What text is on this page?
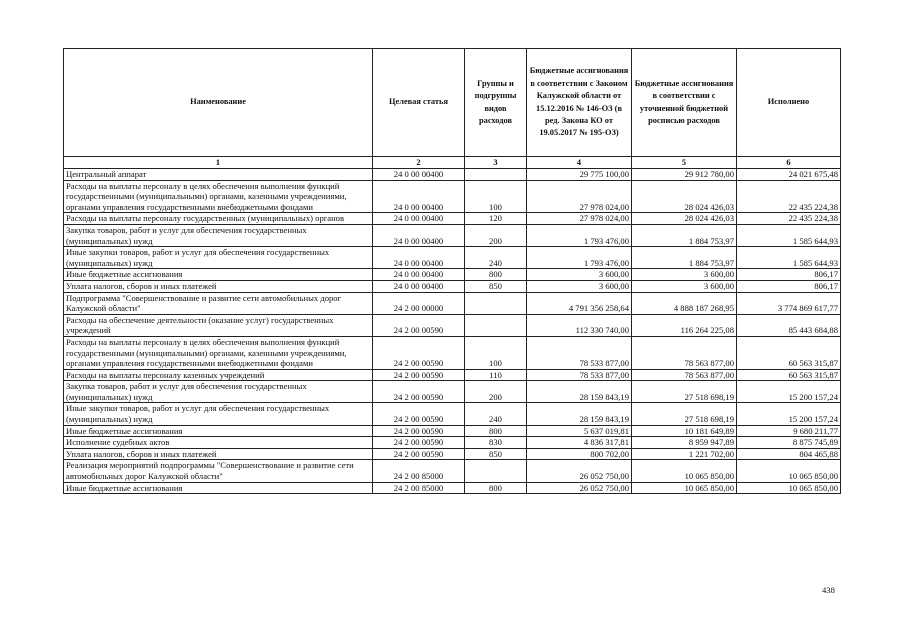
Наименование	Целевая статья	Группы и подгруппы видов расходов	Бюджетные ассигнования в соответствии с Законом Калужской области от 15.12.2016 № 146-ОЗ (в ред. Закона КО от 19.05.2017 № 195-ОЗ)	Бюджетные ассигнования в соответствии с уточненной бюджетной росписью расходов	Исполнено
1	2	3	4	5	6
Центральный аппарат	24 0 00 00400		29 775 100,00	29 912 780,00	24 021 675,48
Расходы на выплаты персоналу в целях обеспечения выполнения функций государственными (муниципальными) органами, казенными учреждениями, органами управления государственными внебюджетными фондами	24 0 00 00400	100	27 978 024,00	28 024 426,03	22 435 224,38
Расходы на выплаты персоналу государственных (муниципальных) органов	24 0 00 00400	120	27 978 024,00	28 024 426,03	22 435 224,38
Закупка товаров, работ и услуг для обеспечения государственных (муниципальных) нужд	24 0 00 00400	200	1 793 476,00	1 884 753,97	1 585 644,93
Иные закупки товаров, работ и услуг для обеспечения государственных (муниципальных) нужд	24 0 00 00400	240	1 793 476,00	1 884 753,97	1 585 644,93
Иные бюджетные ассигнования	24 0 00 00400	800	3 600,00	3 600,00	806,17
Уплата налогов, сборов и иных платежей	24 0 00 00400	850	3 600,00	3 600,00	806,17
Подпрограмма "Совершенствование и развитие сети автомобильных дорог Калужской области"	24 2 00 00000		4 791 356 258,64	4 888 187 268,95	3 774 869 617,77
Расходы на обеспечение деятельности (оказание услуг) государственных учреждений	24 2 00 00590		112 330 740,00	116 264 225,08	85 443 684,88
Расходы на выплаты персоналу в целях обеспечения выполнения функций государственными (муниципальными) органами, казенными учреждениями, органами управления государственными внебюджетными фондами	24 2 00 00590	100	78 533 877,00	78 563 877,00	60 563 315,87
Расходы на выплаты персоналу казенных учреждений	24 2 00 00590	110	78 533 877,00	78 563 877,00	60 563 315,87
Закупка товаров, работ и услуг для обеспечения государственных (муниципальных) нужд	24 2 00 00590	200	28 159 843,19	27 518 698,19	15 200 157,24
Иные закупки товаров, работ и услуг для обеспечения государственных (муниципальных) нужд	24 2 00 00590	240	28 159 843,19	27 518 698,19	15 200 157,24
Иные бюджетные ассигнования	24 2 00 00590	800	5 637 019,81	10 181 649,89	9 680 211,77
Исполнение судебных актов	24 2 00 00590	830	4 836 317,81	8 959 947,89	8 875 745,89
Уплата налогов, сборов и иных платежей	24 2 00 00590	850	800 702,00	1 221 702,00	804 465,88
Реализация мероприятий подпрограммы "Совершенствование и развитие сети автомобильных дорог Калужской области"	24 2 00 85000		26 052 750,00	10 065 850,00	10 065 850,00
Иные бюджетные ассигнования	24 2 00 85000	800	26 052 750,00	10 065 850,00	10 065 850,00
438
